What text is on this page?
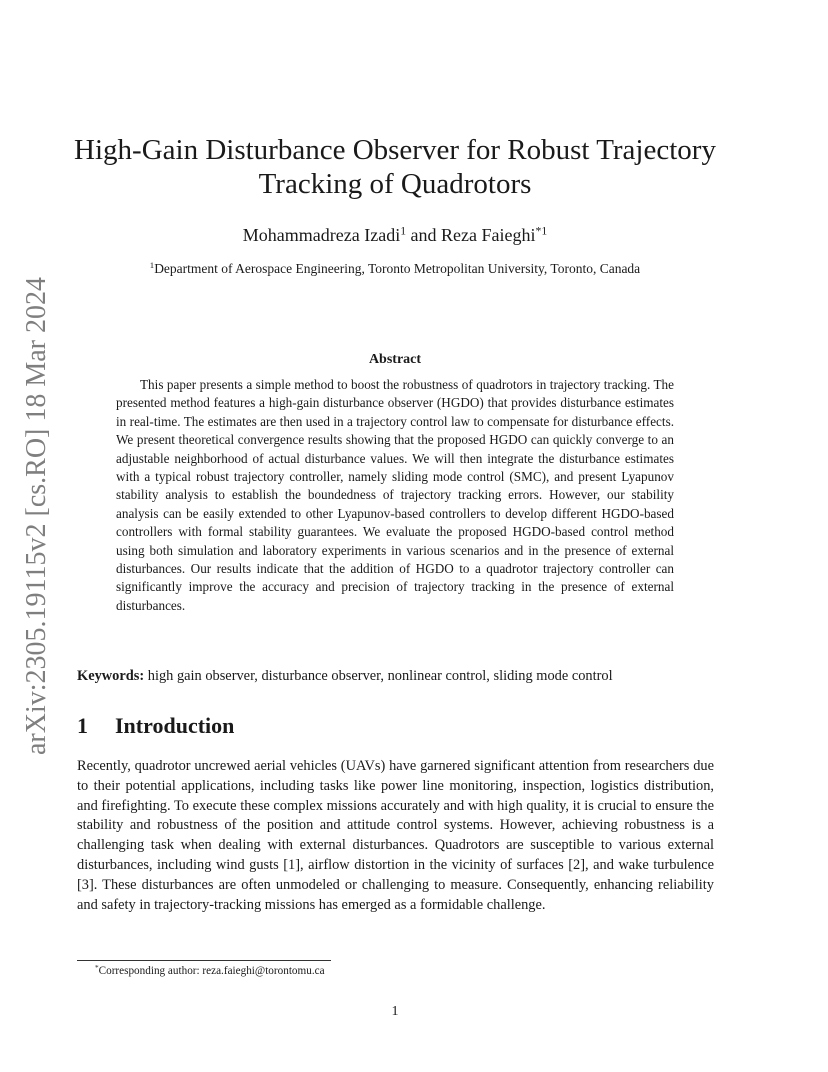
arXiv:2305.19115v2 [cs.RO] 18 Mar 2024
High-Gain Disturbance Observer for Robust Trajectory Tracking of Quadrotors
Mohammadreza Izadi$^1$ and Reza Faieghi$^{*1}$
$^1$Department of Aerospace Engineering, Toronto Metropolitan University, Toronto, Canada
Abstract

This paper presents a simple method to boost the robustness of quadrotors in trajectory tracking. The presented method features a high-gain disturbance observer (HGDO) that provides disturbance estimates in real-time. The estimates are then used in a trajectory control law to compensate for disturbance effects. We present theoretical convergence results showing that the proposed HGDO can quickly converge to an adjustable neighborhood of actual disturbance values. We will then integrate the disturbance estimates with a typical robust trajectory controller, namely sliding mode control (SMC), and present Lyapunov stability analysis to establish the boundedness of trajectory tracking errors. However, our stability analysis can be easily extended to other Lyapunov-based controllers to develop different HGDO-based controllers with formal stability guarantees. We evaluate the proposed HGDO-based control method using both simulation and laboratory experiments in various scenarios and in the presence of external disturbances. Our results indicate that the addition of HGDO to a quadrotor trajectory controller can significantly improve the accuracy and precision of trajectory tracking in the presence of external disturbances.

Keywords: high gain observer, disturbance observer, nonlinear control, sliding mode control
1 Introduction

Recently, quadrotor uncrewed aerial vehicles (UAVs) have garnered significant attention from researchers due to their potential applications, including tasks like power line monitoring, inspection, logistics distribution, and firefighting. To execute these complex missions accurately and with high quality, it is crucial to ensure the stability and robustness of the position and attitude control systems. However, achieving robustness is a challenging task when dealing with external disturbances. Quadrotors are susceptible to various external disturbances, including wind gusts [1], airflow distortion in the vicinity of surfaces [2], and wake turbulence [3]. These disturbances are often unmodeled or challenging to measure. Consequently, enhancing reliability and safety in trajectory-tracking missions has emerged as a formidable challenge.

*Corresponding author: reza.faieghi@torontomu.ca
1
